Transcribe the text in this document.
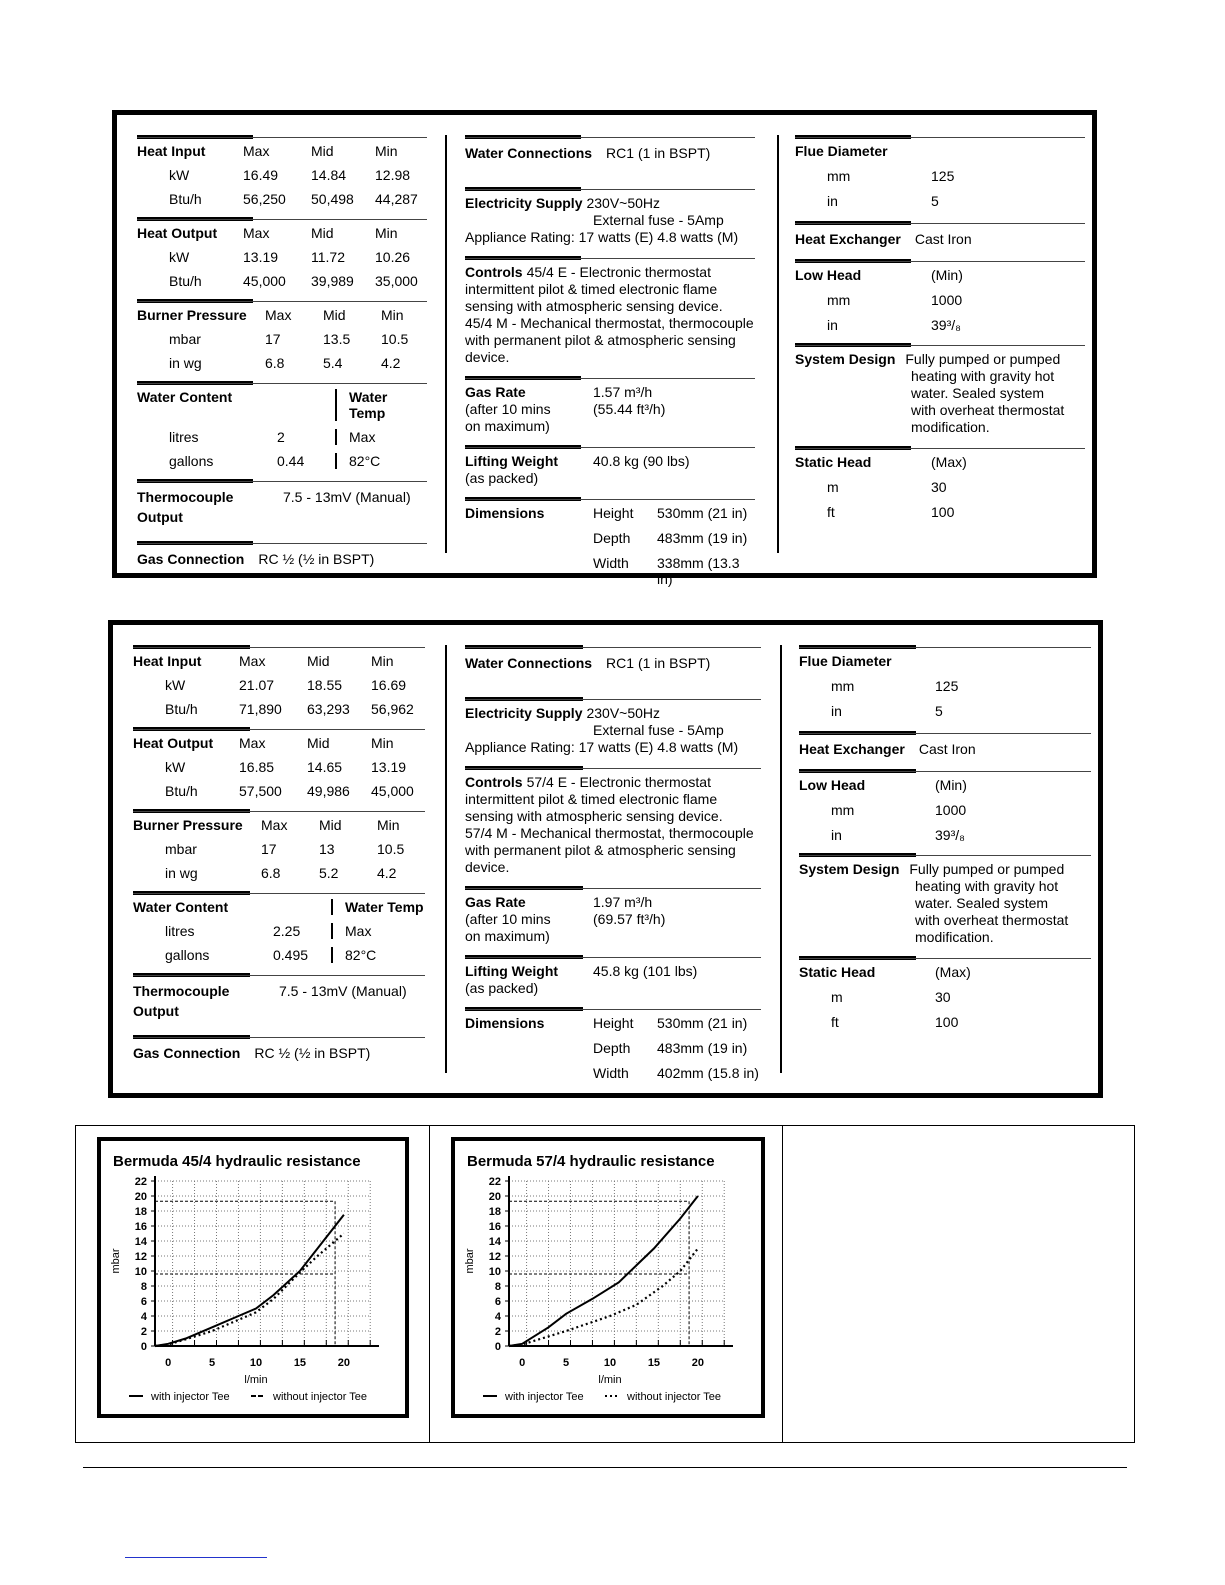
Heat Input	Max	Mid	Min
kW	16.49	14.84	12.98
Btu/h	56,250	50,498	44,287
Heat Output	Max	Mid	Min
kW	13.19	11.72	10.26
Btu/h	45,000	39,989	35,000
Burner Pressure	Max	Mid	Min
mbar	17	13.5	10.5
in wg	6.8	5.4	4.2
Water Content	Water Temp
litres	2	Max
gallons	0.44	82°C
Thermocouple Output
7.5 - 13mV (Manual)
Gas Connection RC ½ (½ in BSPT)
Water Connections RC1 (1 in BSPT)
Electricity Supply 230V~50Hz
External fuse - 5Amp
Appliance Rating: 17 watts (E) 4.8 watts (M)
Controls 45/4 E - Electronic thermostat
intermittent pilot & timed electronic flame
sensing with atmospheric sensing device.
45/4 M - Mechanical thermostat, thermocouple
with permanent pilot & atmospheric sensing
device.
Gas Rate
(after 10 mins
on maximum)
1.57 m³/h
(55.44 ft³/h)
Lifting Weight
(as packed)
40.8 kg (90 lbs)
Dimensions	Height	530mm (21 in)
Depth	483mm (19 in)
Width	338mm (13.3 in)
Flue Diameter
mm	125
in	5
Heat Exchanger Cast Iron
Low Head	(Min)
mm	1000
in	39³/₈
System Design Fully pumped or pumped
heating with gravity hot
water. Sealed system
with overheat thermostat
modification.
Static Head	(Max)
m	30
ft	100
Heat Input	Max	Mid	Min
kW	21.07	18.55	16.69
Btu/h	71,890	63,293	56,962
Heat Output	Max	Mid	Min
kW	16.85	14.65	13.19
Btu/h	57,500	49,986	45,000
Burner Pressure	Max	Mid	Min
mbar	17	13	10.5
in wg	6.8	5.2	4.2
Water Content	Water Temp
litres	2.25	Max
gallons	0.495	82°C
Thermocouple Output
7.5 - 13mV (Manual)
Gas Connection RC ½ (½ in BSPT)
Water Connections RC1 (1 in BSPT)
Electricity Supply 230V~50Hz
External fuse - 5Amp
Appliance Rating: 17 watts (E) 4.8 watts (M)
Controls 57/4 E - Electronic thermostat
intermittent pilot & timed electronic flame
sensing with atmospheric sensing device.
57/4 M - Mechanical thermostat, thermocouple
with permanent pilot & atmospheric sensing
device.
Gas Rate
(after 10 mins
on maximum)
1.97 m³/h
(69.57 ft³/h)
Lifting Weight
(as packed)
45.8 kg (101 lbs)
Dimensions	Height	530mm (21 in)
Depth	483mm (19 in)
Width	402mm (15.8 in)
Flue Diameter
mm	125
in	5
Heat Exchanger Cast Iron
Low Head	(Min)
mm	1000
in	39³/₈
System Design Fully pumped or pumped
heating with gravity hot
water. Sealed system
with overheat thermostat
modification.
Static Head	(Max)
m	30
ft	100
Bermuda 45/4 hydraulic resistance
0
2
4
6
8
10
12
14
16
18
20
22
0	5	10	15	20
mbar
l/min
with injector Tee	without injector Tee
Bermuda 57/4 hydraulic resistance
0
2
4
6
8
10
12
14
16
18
20
22
0	5	10	15	20
mbar
l/min
with injector Tee	without injector Tee
